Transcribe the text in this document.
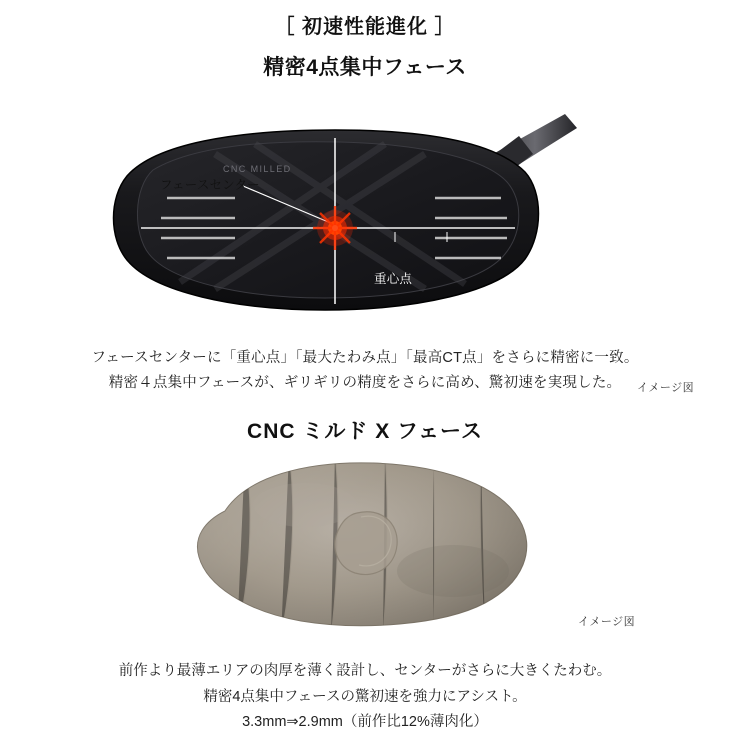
［ 初速性能進化 ］
精密4点集中フェース
CNC MILLED
フェースセンター
重心点
最高CT点	最大たわみ点
イメージ図
フェースセンターに「重心点」「最大たわみ点」「最高CT点」をさらに精密に一致。
精密４点集中フェースが、ギリギリの精度をさらに高め、驚初速を実現した。
CNC ミルド X フェース
イメージ図
前作より最薄エリアの肉厚を薄く設計し、センターがさらに大きくたわむ。
精密4点集中フェースの驚初速を強力にアシスト。
3.3mm⇒2.9mm（前作比12%薄肉化）
